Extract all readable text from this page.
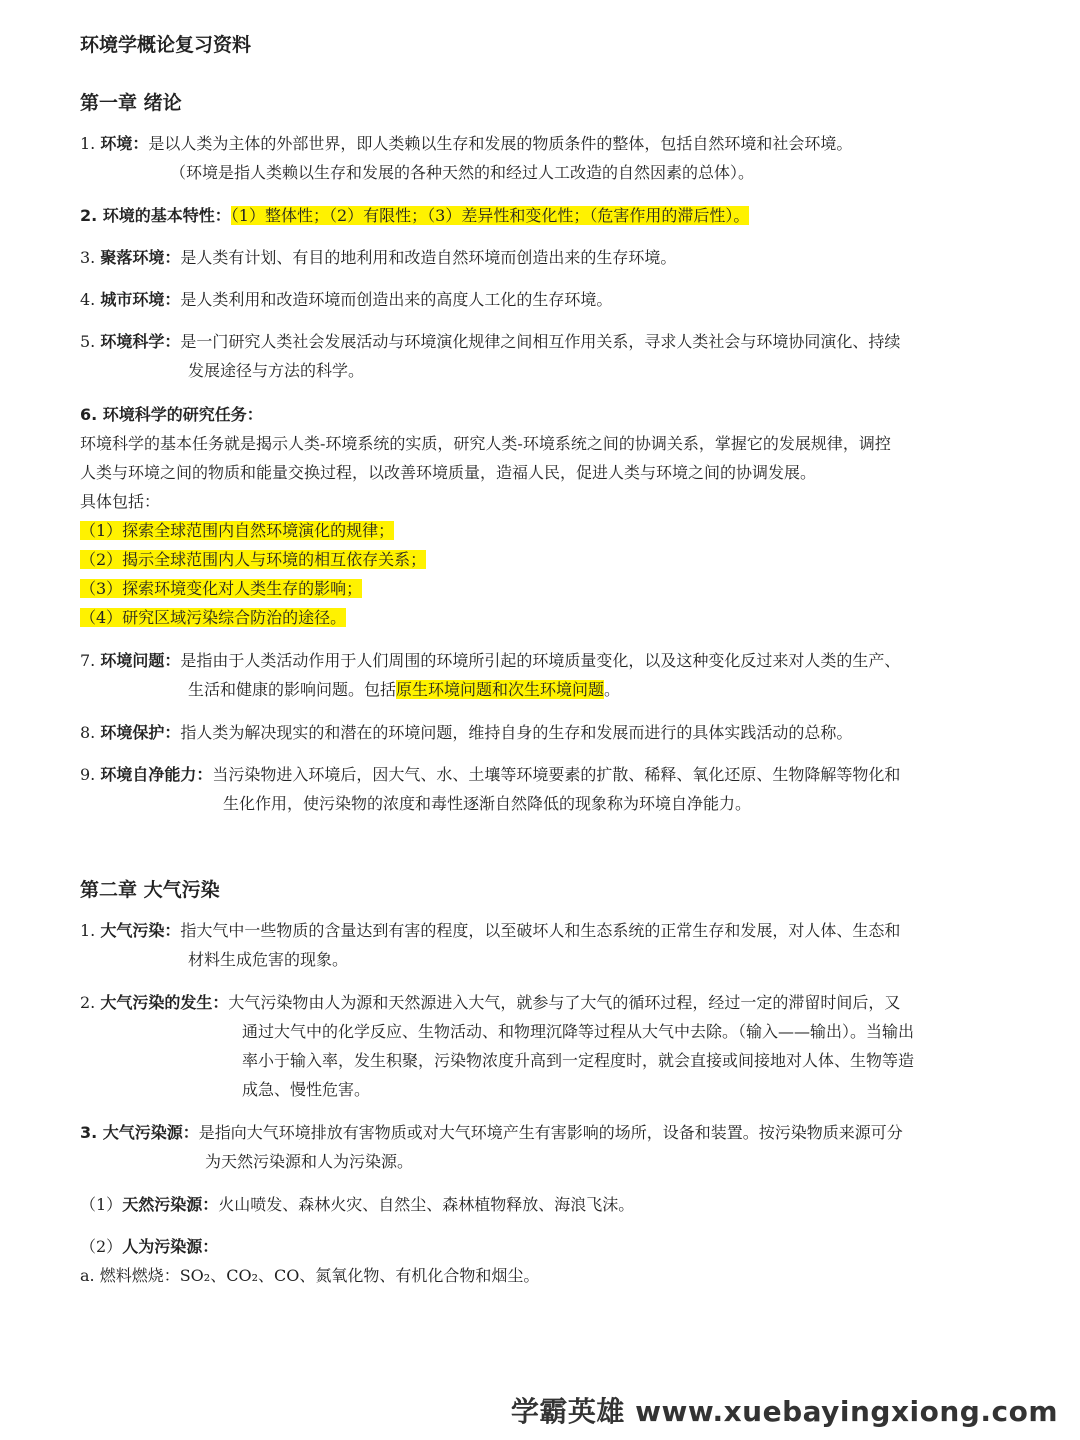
环境学概论复习资料
第一章 绪论
1. 环境：是以人类为主体的外部世界，即人类赖以生存和发展的物质条件的整体，包括自然环境和社会环境。
（环境是指人类赖以生存和发展的各种天然的和经过人工改造的自然因素的总体）。
2. 环境的基本特性：（1）整体性；（2）有限性；（3）差异性和变化性；（危害作用的滞后性）。
3. 聚落环境：是人类有计划、有目的地利用和改造自然环境而创造出来的生存环境。
4. 城市环境：是人类利用和改造环境而创造出来的高度人工化的生存环境。
5. 环境科学：是一门研究人类社会发展活动与环境演化规律之间相互作用关系，寻求人类社会与环境协同演化、持续
发展途径与方法的科学。
6. 环境科学的研究任务：
环境科学的基本任务就是揭示人类-环境系统的实质，研究人类-环境系统之间的协调关系，掌握它的发展规律，调控
人类与环境之间的物质和能量交换过程，以改善环境质量，造福人民，促进人类与环境之间的协调发展。
具体包括：
（1）探索全球范围内自然环境演化的规律；
（2）揭示全球范围内人与环境的相互依存关系；
（3）探索环境变化对人类生存的影响；
（4）研究区域污染综合防治的途径。
7. 环境问题：是指由于人类活动作用于人们周围的环境所引起的环境质量变化，以及这种变化反过来对人类的生产、
生活和健康的影响问题。包括原生环境问题和次生环境问题。
8. 环境保护：指人类为解决现实的和潜在的环境问题，维持自身的生存和发展而进行的具体实践活动的总称。
9. 环境自净能力：当污染物进入环境后，因大气、水、土壤等环境要素的扩散、稀释、氧化还原、生物降解等物化和
生化作用，使污染物的浓度和毒性逐渐自然降低的现象称为环境自净能力。
第二章 大气污染
1. 大气污染：指大气中一些物质的含量达到有害的程度，以至破坏人和生态系统的正常生存和发展，对人体、生态和
材料生成危害的现象。
2. 大气污染的发生：大气污染物由人为源和天然源进入大气，就参与了大气的循环过程，经过一定的滞留时间后，又
通过大气中的化学反应、生物活动、和物理沉降等过程从大气中去除。（输入——输出）。当输出
率小于输入率，发生积聚，污染物浓度升高到一定程度时，就会直接或间接地对人体、生物等造
成急、慢性危害。
3. 大气污染源：是指向大气环境排放有害物质或对大气环境产生有害影响的场所，设备和装置。按污染物质来源可分
为天然污染源和人为污染源。
（1）天然污染源：火山喷发、森林火灾、自然尘、森林植物释放、海浪飞沫。
（2）人为污染源：
a. 燃料燃烧：SO₂、CO₂、CO、氮氧化物、有机化合物和烟尘。
学霸英雄 www.xuebayingxiong.com
